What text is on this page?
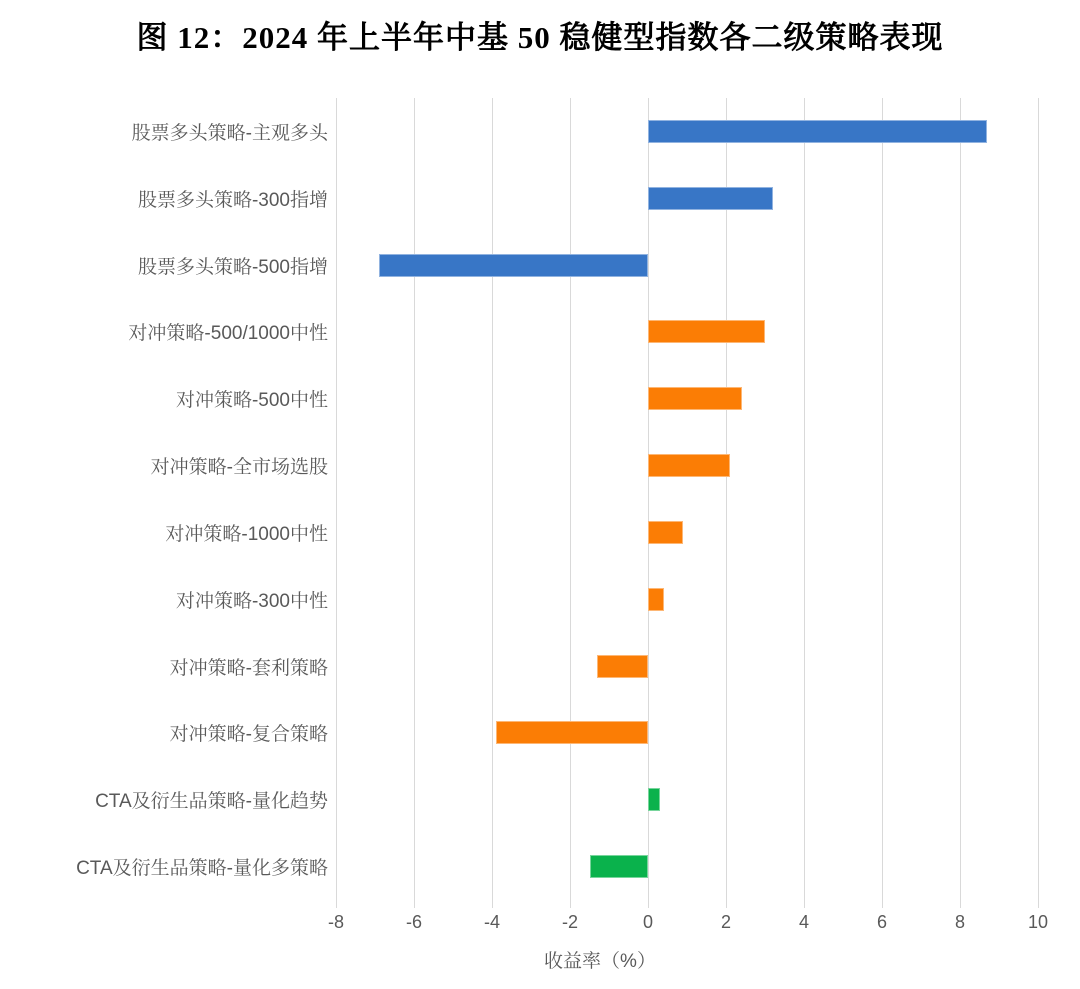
图 12：2024 年上半年中基 50 稳健型指数各二级策略表现
股票多头策略-主观多头
股票多头策略-300指增
股票多头策略-500指增
对冲策略-500/1000中性
对冲策略-500中性
对冲策略-全市场选股
对冲策略-1000中性
对冲策略-300中性
对冲策略-套利策略
对冲策略-复合策略
CTA及衍生品策略-量化趋势
CTA及衍生品策略-量化多策略
-8	-6	-4	-2	0	2	4	6	8	10
收益率（%）
